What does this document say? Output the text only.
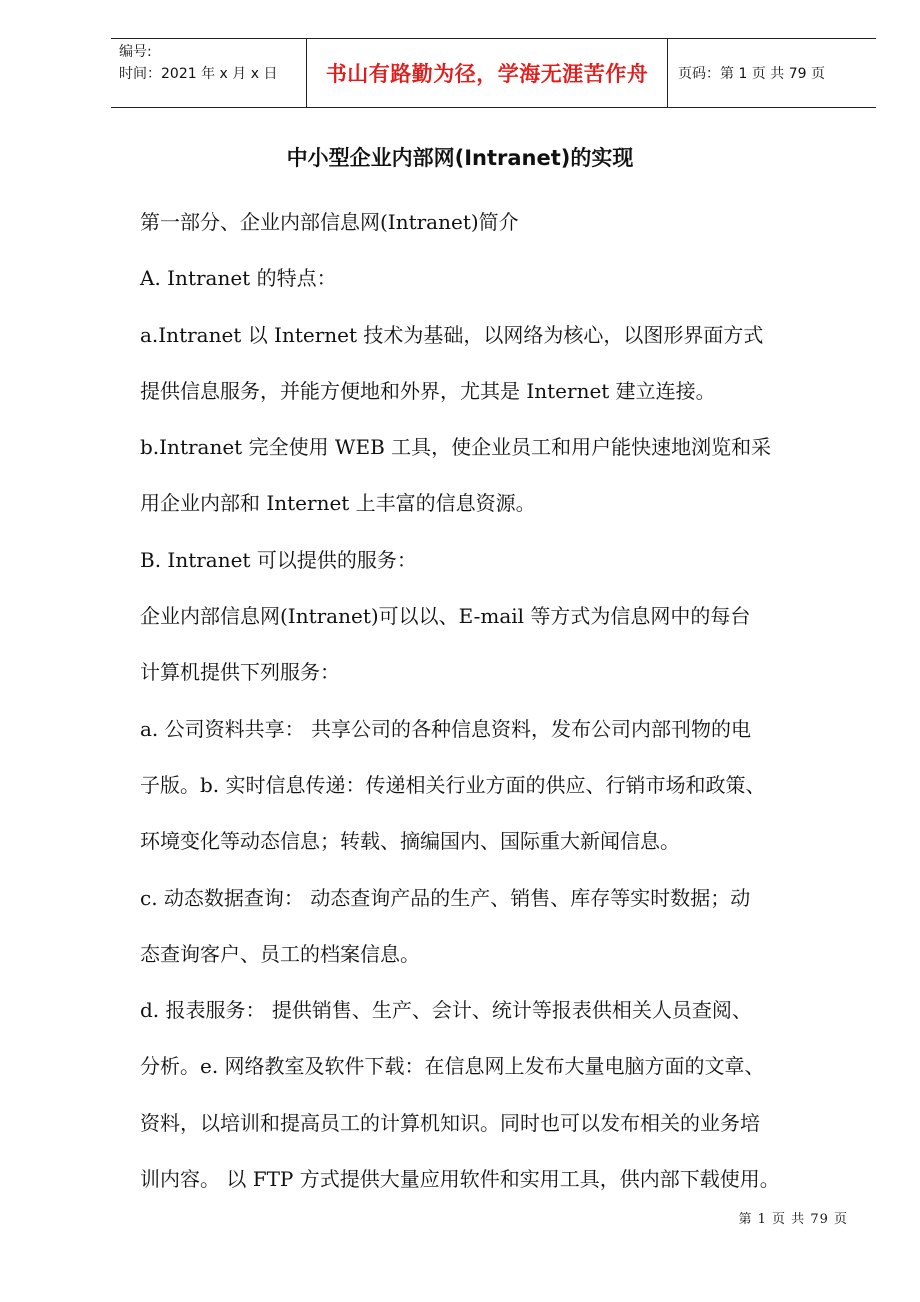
编号:
时间：2021 年 x 月 x 日	书山有路勤为径，学海无涯苦作舟 页码：第 1 页 共 79 页
中小型企业内部网(Intranet)的实现

第一部分、企业内部信息网(Intranet)简介

A. Intranet 的特点：

a.Intranet 以 Internet 技术为基础，以网络为核心，以图形界面方式

提供信息服务，并能方便地和外界，尤其是 Internet 建立连接。

b.Intranet 完全使用 WEB 工具，使企业员工和用户能快速地浏览和采

用企业内部和 Internet 上丰富的信息资源。

B. Intranet 可以提供的服务：

企业内部信息网(Intranet)可以以、E-mail 等方式为信息网中的每台

计算机提供下列服务：

a. 公司资料共享： 共享公司的各种信息资料，发布公司内部刊物的电

子版。b. 实时信息传递：传递相关行业方面的供应、行销市场和政策、

环境变化等动态信息；转载、摘编国内、国际重大新闻信息。

c. 动态数据查询： 动态查询产品的生产、销售、库存等实时数据；动

态查询客户、员工的档案信息。

d. 报表服务： 提供销售、生产、会计、统计等报表供相关人员查阅、

分析。e. 网络教室及软件下载：在信息网上发布大量电脑方面的文章、

资料，以培训和提高员工的计算机知识。同时也可以发布相关的业务培

训内容。 以 FTP 方式提供大量应用软件和实用工具，供内部下载使用。

第 1 页 共 79 页
